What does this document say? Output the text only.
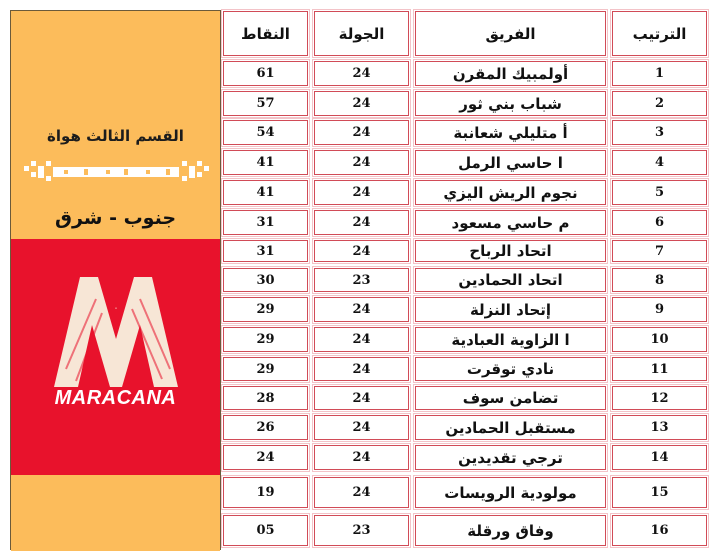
القسم الثالث هواة
جنوب - شرق
M
MARACANA
الترتيب
الفريق
الجولة
النقاط
1
أولمبيك المقرن
24
61
2
شباب بني ثور
24
57
3
أ متليلي شعانبة
24
54
4
ا حاسي الرمل
24
41
5
نجوم الريش اليزي
24
41
6
م حاسي مسعود
24
31
7
اتحاد الرباح
24
31
8
اتحاد الحمادين
23
30
9
إتحاد النزلة
24
29
10
ا الزاوية العبادية
24
29
11
نادي توقرت
24
29
12
تضامن سوف
24
28
13
مستقبل الحمادين
24
26
14
ترجي تقديدين
24
24
15
مولودية الرويسات
24
19
16
وفاق ورقلة
23
05
